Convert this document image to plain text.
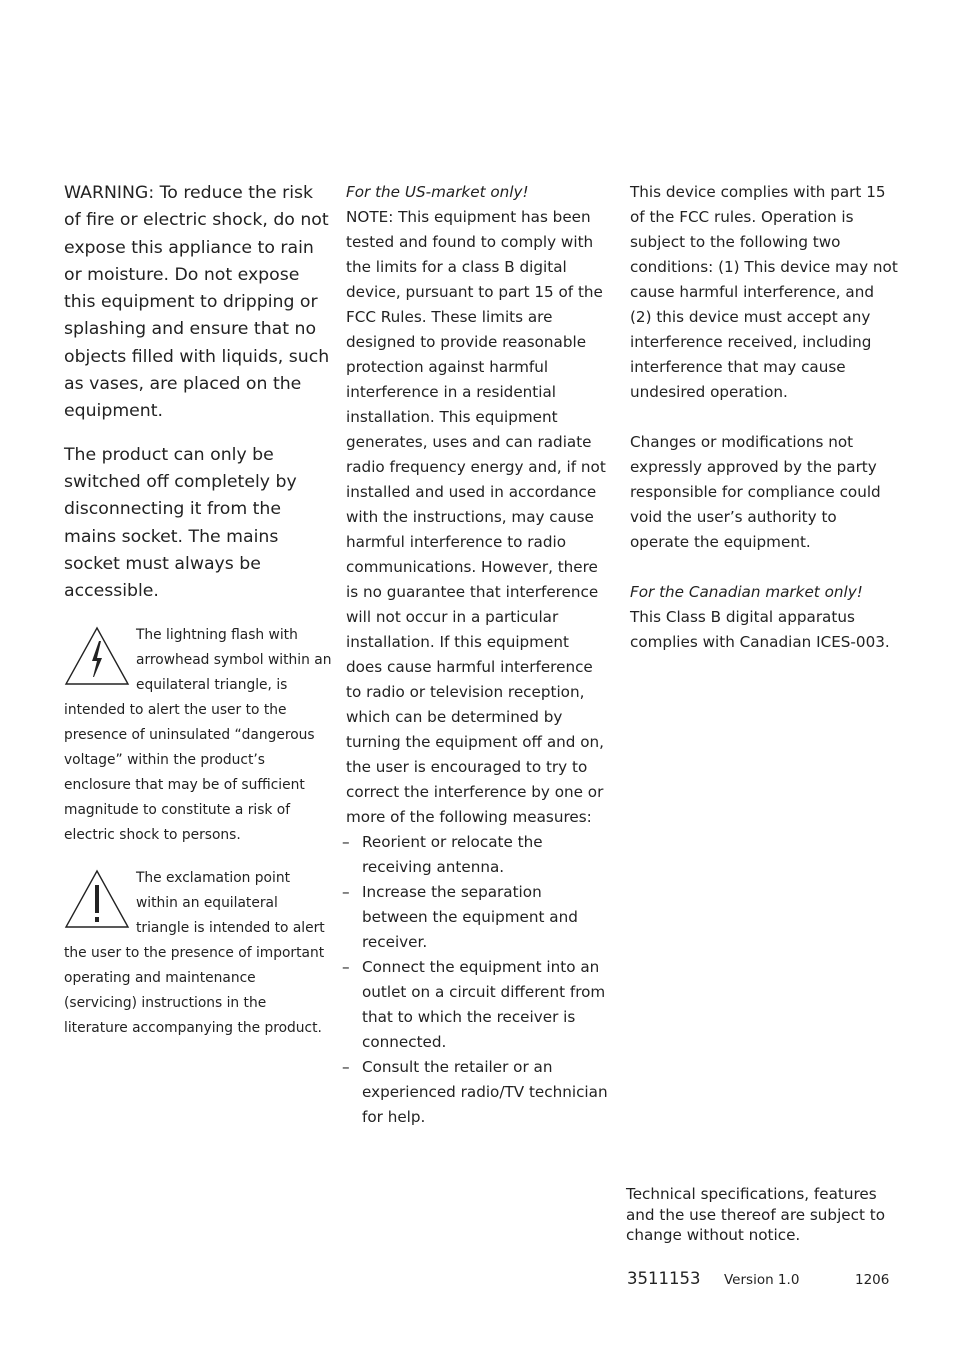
WARNING: To reduce the risk of fire or electric shock, do not expose this appliance to rain or moisture. Do not expose this equipment to dripping or splashing and ensure that no objects filled with liquids, such as vases, are placed on the equipment.

The product can only be switched off completely by disconnecting it from the mains socket. The mains socket must always be accessible.

The lightning flash with arrowhead symbol within an equilateral triangle, is intended to alert the user to the presence of uninsulated “dangerous voltage” within the product’s enclosure that may be of sufficient magnitude to constitute a risk of electric shock to persons.

The exclamation point within an equilateral triangle is intended to alert the user to the presence of important operating and maintenance (servicing) instructions in the literature accompanying the product.

For the US-market only!

NOTE: This equipment has been tested and found to comply with the limits for a class B digital device, pursuant to part 15 of the FCC Rules. These limits are designed to provide reasonable protection against harmful interference in a residential installation. This equipment generates, uses and can radiate radio frequency energy and, if not installed and used in accordance with the instructions, may cause harmful interference to radio communications. However, there is no guarantee that interference will not occur in a particular installation. If this equipment does cause harmful interference to radio or television reception, which can be determined by turning the equipment off and on, the user is encouraged to try to correct the interference by one or more of the following measures:

– Reorient or relocate the receiving antenna.
– Increase the separation between the equipment and receiver.
– Connect the equipment into an outlet on a circuit different from that to which the receiver is connected.
– Consult the retailer or an experienced radio/TV technician for help.

This device complies with part 15 of the FCC rules. Operation is subject to the following two conditions: (1) This device may not cause harmful interference, and (2) this device must accept any interference received, including interference that may cause undesired operation.

Changes or modifications not expressly approved by the party responsible for compliance could void the user’s authority to operate the equipment.

For the Canadian market only!

This Class B digital apparatus complies with Canadian ICES-003.

Technical specifications, features and the use thereof are subject to change without notice.

3511153 Version 1.0	1206
